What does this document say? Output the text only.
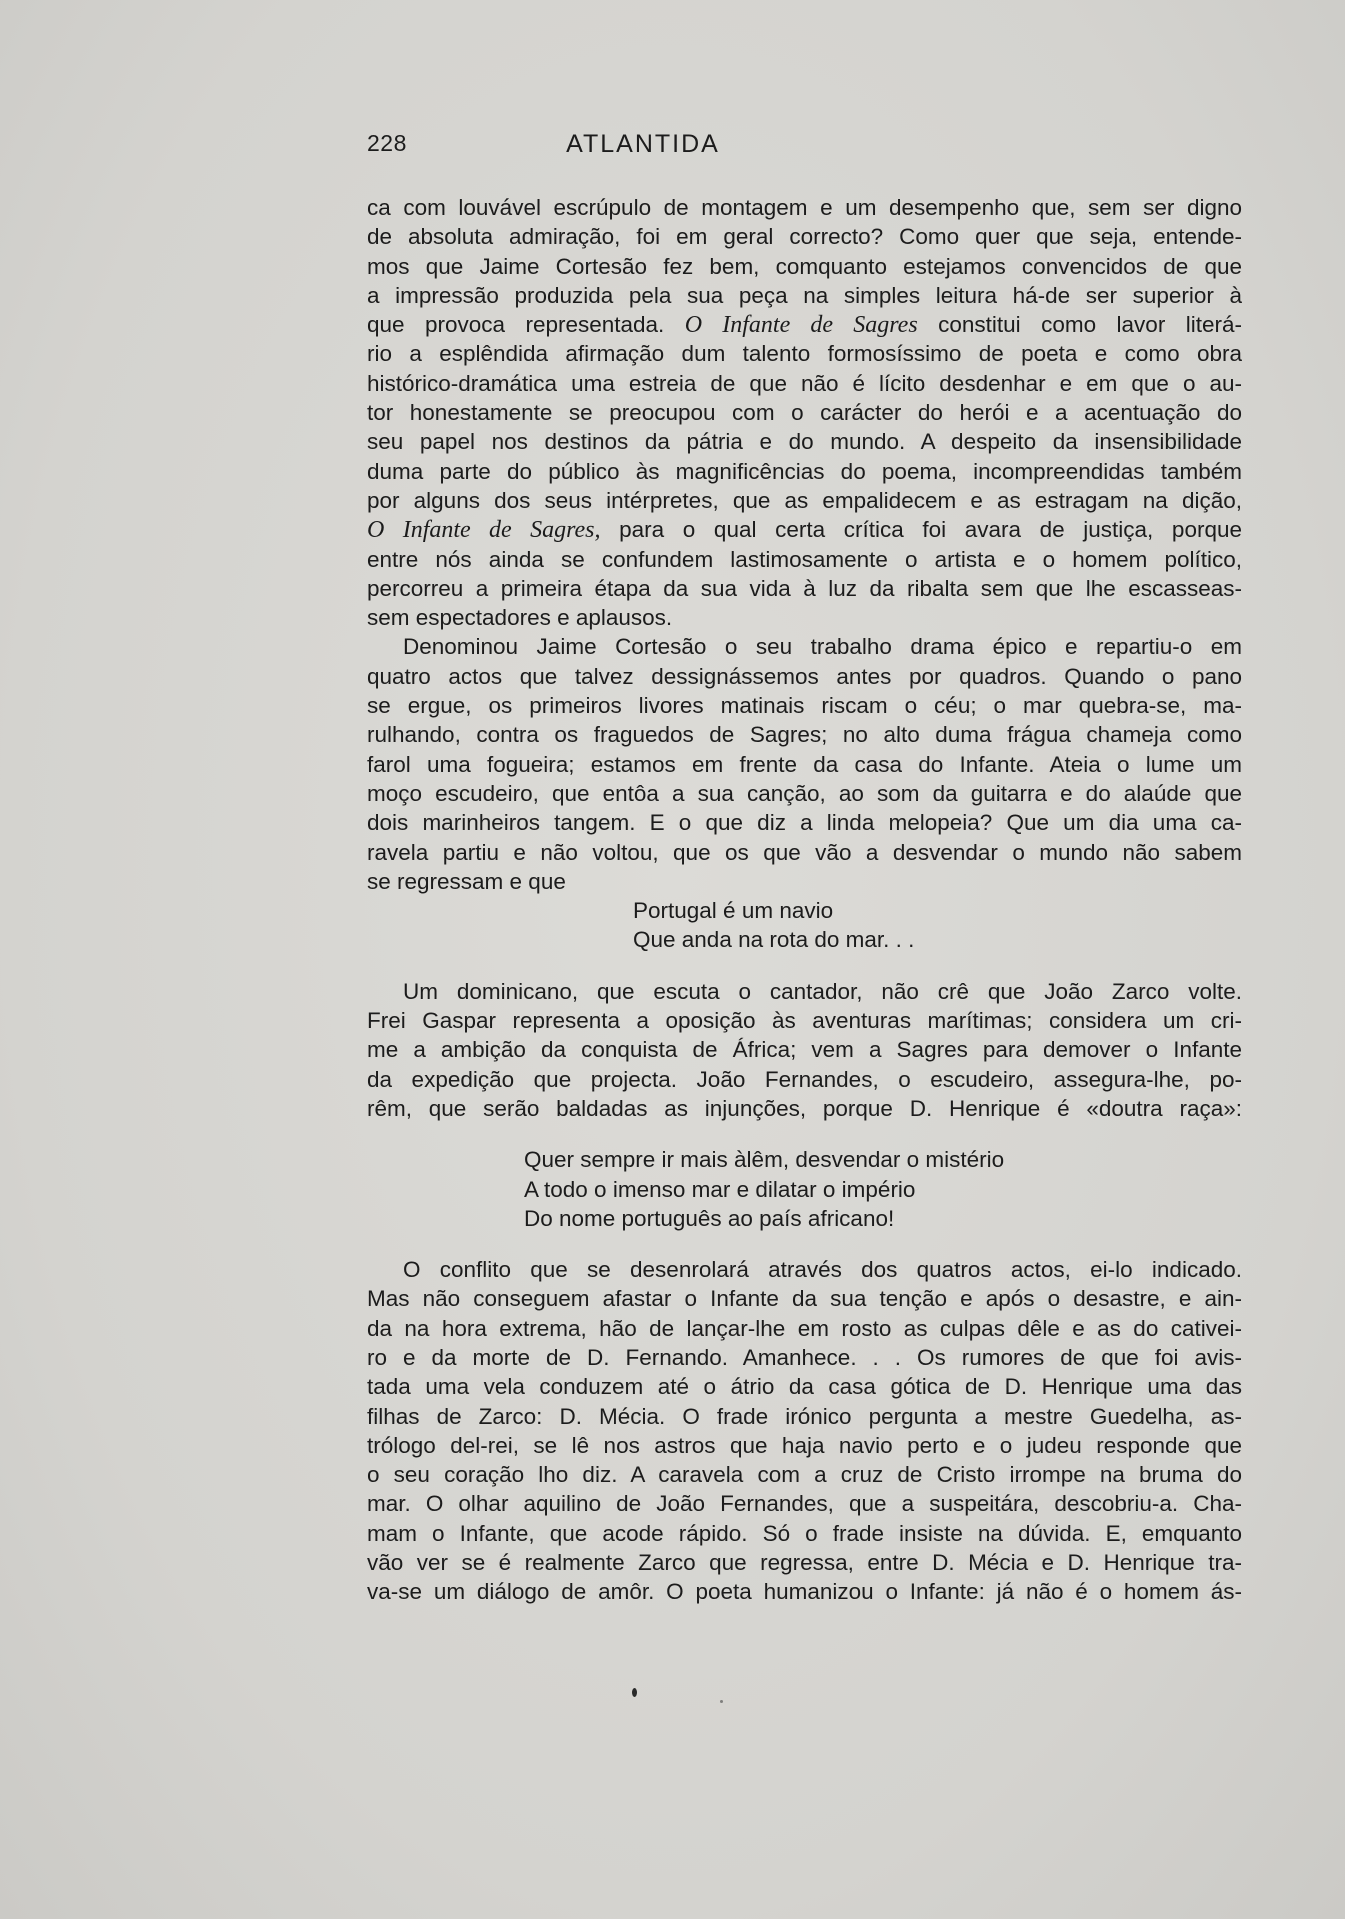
228	ATLANTIDA
ca com louvável escrúpulo de montagem e um desempenho que, sem ser digno
de absoluta admiração, foi em geral correcto? Como quer que seja, entende-
mos que Jaime Cortesão fez bem, comquanto estejamos convencidos de que
a impressão produzida pela sua peça na simples leitura há-de ser superior à
que provoca representada. O Infante de Sagres constitui como lavor literá-
rio a esplêndida afirmação dum talento formosíssimo de poeta e como obra
histórico-dramática uma estreia de que não é lícito desdenhar e em que o au-
tor honestamente se preocupou com o carácter do herói e a acentuação do
seu papel nos destinos da pátria e do mundo. A despeito da insensibilidade
duma parte do público às magnificências do poema, incompreendidas também
por alguns dos seus intérpretes, que as empalidecem e as estragam na dição,
O Infante de Sagres, para o qual certa crítica foi avara de justiça, porque
entre nós ainda se confundem lastimosamente o artista e o homem político,
percorreu a primeira étapa da sua vida à luz da ribalta sem que lhe escasseas-
sem espectadores e aplausos.
Denominou Jaime Cortesão o seu trabalho drama épico e repartiu-o em
quatro actos que talvez dessignássemos antes por quadros. Quando o pano
se ergue, os primeiros livores matinais riscam o céu; o mar quebra-se, ma-
rulhando, contra os fraguedos de Sagres; no alto duma frágua chameja como
farol uma fogueira; estamos em frente da casa do Infante. Ateia o lume um
moço escudeiro, que entôa a sua canção, ao som da guitarra e do alaúde que
dois marinheiros tangem. E o que diz a linda melopeia? Que um dia uma ca-
ravela partiu e não voltou, que os que vão a desvendar o mundo não sabem
se regressam e que
Portugal é um navio
Que anda na rota do mar. . .
Um dominicano, que escuta o cantador, não crê que João Zarco volte.
Frei Gaspar representa a oposição às aventuras marítimas; considera um cri-
me a ambição da conquista de África; vem a Sagres para demover o Infante
da expedição que projecta. João Fernandes, o escudeiro, assegura-lhe, po-
rêm, que serão baldadas as injunções, porque D. Henrique é «doutra raça»:
Quer sempre ir mais àlêm, desvendar o mistério
A todo o imenso mar e dilatar o império
Do nome português ao país africano!
O conflito que se desenrolará através dos quatros actos, ei-lo indicado.
Mas não conseguem afastar o Infante da sua tenção e após o desastre, e ain-
da na hora extrema, hão de lançar-lhe em rosto as culpas dêle e as do cativei-
ro e da morte de D. Fernando. Amanhece. . . Os rumores de que foi avis-
tada uma vela conduzem até o átrio da casa gótica de D. Henrique uma das
filhas de Zarco: D. Mécia. O frade irónico pergunta a mestre Guedelha, as-
trólogo del-rei, se lê nos astros que haja navio perto e o judeu responde que
o seu coração lho diz. A caravela com a cruz de Cristo irrompe na bruma do
mar. O olhar aquilino de João Fernandes, que a suspeitára, descobriu-a. Cha-
mam o Infante, que acode rápido. Só o frade insiste na dúvida. E, emquanto
vão ver se é realmente Zarco que regressa, entre D. Mécia e D. Henrique tra-
va-se um diálogo de amôr. O poeta humanizou o Infante: já não é o homem ás-
